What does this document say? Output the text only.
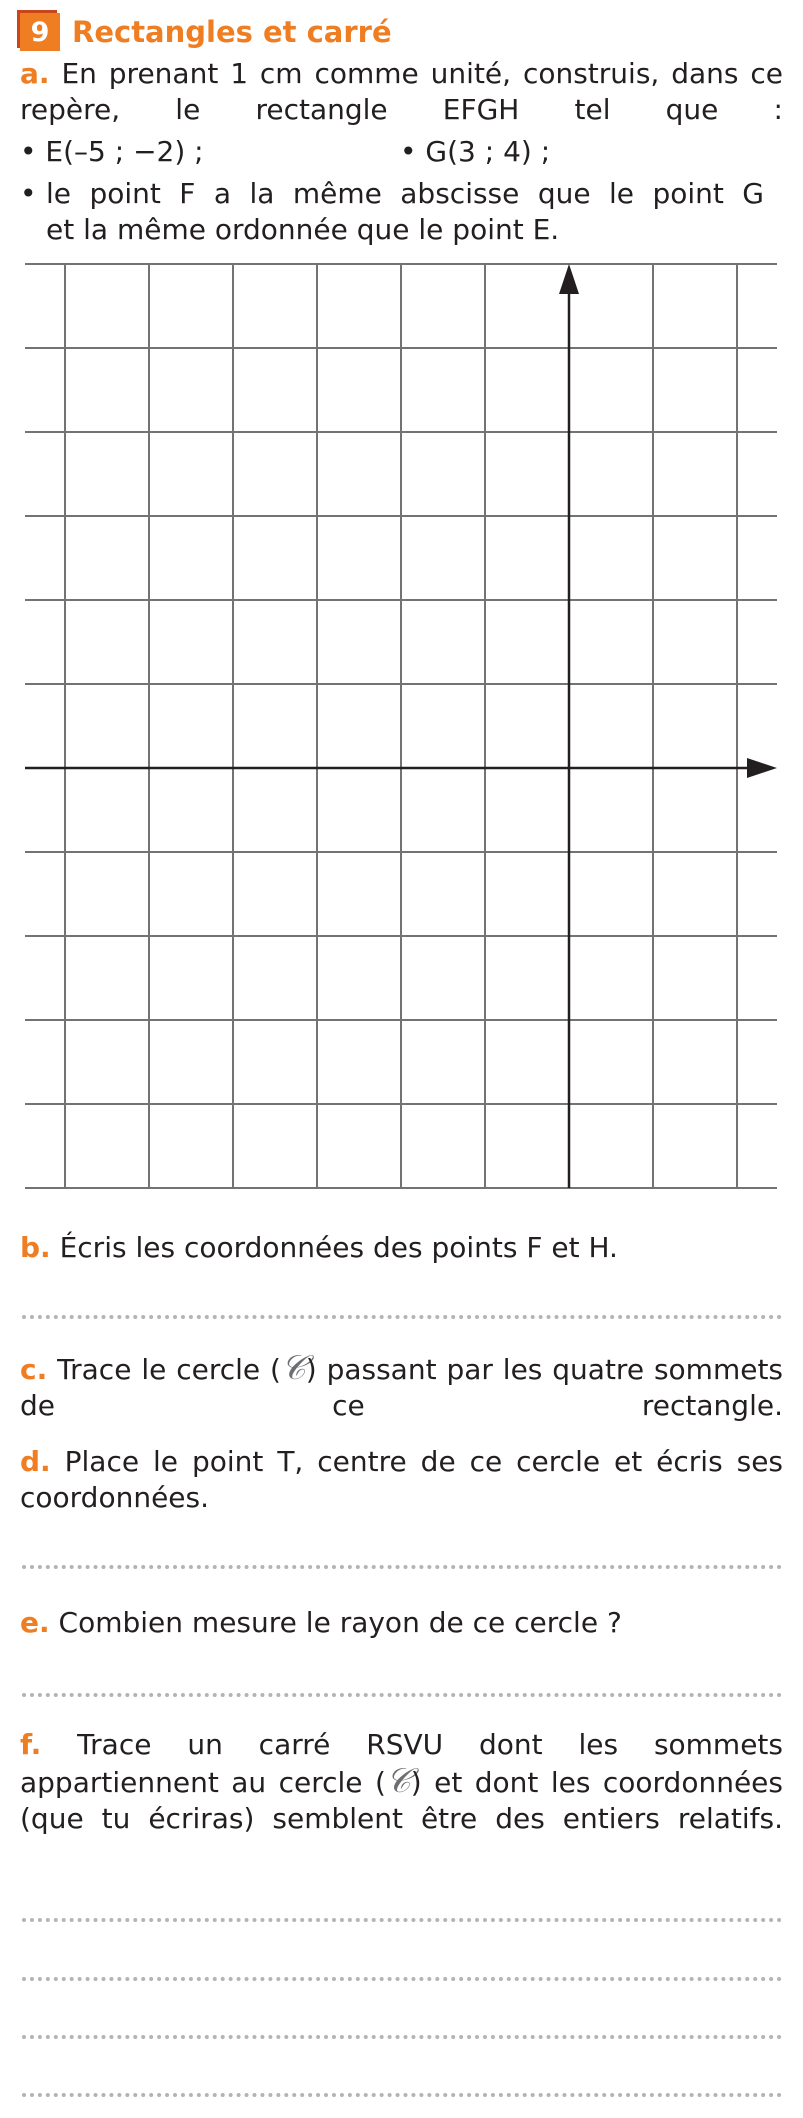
9 Rectangles et carré
a. En prenant 1 cm comme unité, construis, dans ce repère, le rectangle EFGH tel que :
• E(–5 ; −2) ;	• G(3 ; 4) ;
• le point F a la même abscisse que le point G
et la même ordonnée que le point E.
b. Écris les coordonnées des points F et H.
c. Trace le cercle (𝒞) passant par les quatre sommets de ce rectangle.
d. Place le point T, centre de ce cercle et écris ses coordonnées.
e. Combien mesure le rayon de ce cercle ?
f. Trace un carré RSVU dont les sommets appartiennent au cercle (𝒞) et dont les coordonnées (que tu écriras) semblent être des entiers relatifs.
